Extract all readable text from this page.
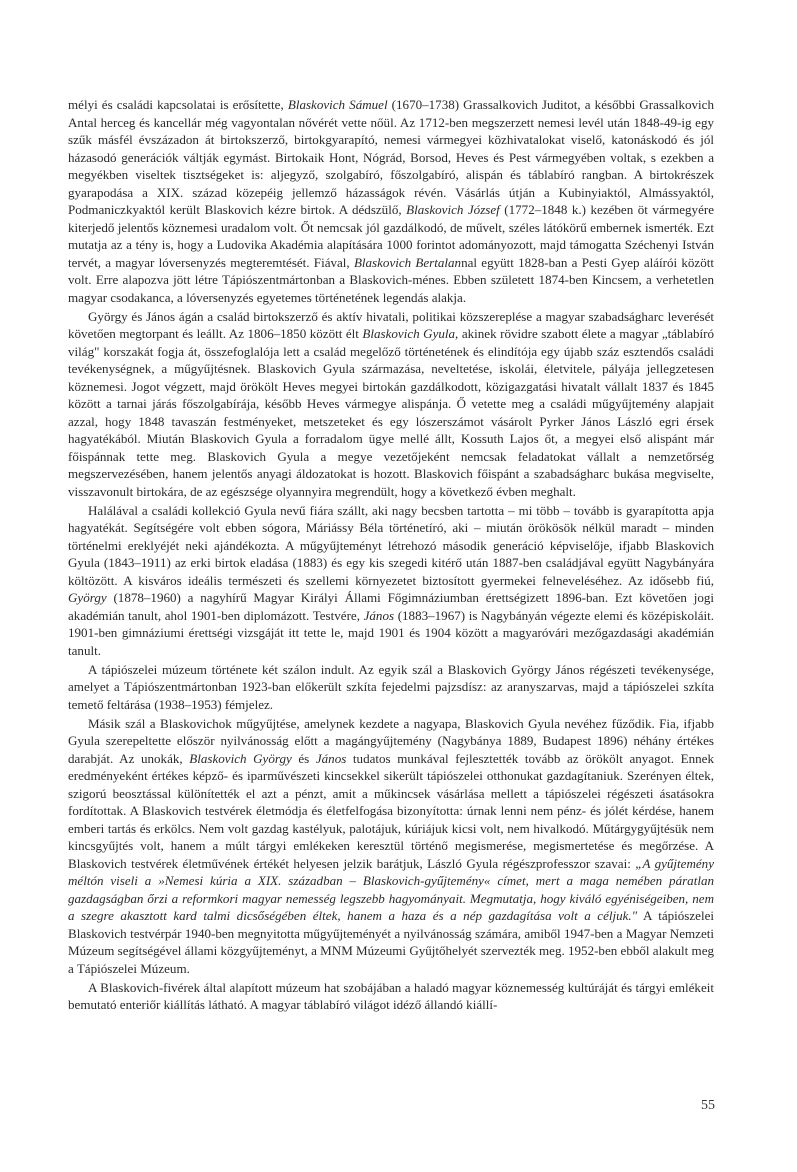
mélyi és családi kapcsolatai is erősítette, Blaskovich Sámuel (1670–1738) Grassalkovich Juditot, a későbbi Grassalkovich Antal herceg és kancellár még vagyontalan nővérét vette nőül. Az 1712-ben megszerzett nemesi levél után 1848-49-ig egy szűk másfél évszázadon át birtokszerző, birtokgyarapító, nemesi vármegyei közhivatalokat viselő, katonáskodó és jól házasodó generációk váltják egymást. Birtokaik Hont, Nógrád, Borsod, Heves és Pest vármegyében voltak, s ezekben a megyékben viseltek tisztségeket is: aljegyző, szolgabíró, főszolgabíró, alispán és táblabíró rangban. A birtokrészek gyarapodása a XIX. század közepéig jellemző házasságok révén. Vásárlás útján a Kubinyiaktól, Almássyaktól, Podmaniczkyaktól került Blaskovich kézre birtok. A dédszülő, Blaskovich József (1772–1848 k.) kezében öt vármegyére kiterjedő jelentős köznemesi uradalom volt. Őt nemcsak jól gazdálkodó, de művelt, széles látókörű embernek ismerték. Ezt mutatja az a tény is, hogy a Ludovika Akadémia alapítására 1000 forintot adományozott, majd támogatta Széchenyi István tervét, a magyar lóversenyzés megteremtését. Fiával, Blaskovich Bertalannal együtt 1828-ban a Pesti Gyep aláírói között volt. Erre alapozva jött létre Tápiószentmártonban a Blaskovich-ménes. Ebben született 1874-ben Kincsem, a verhetetlen magyar csodakanca, a lóversenyzés egyetemes történetének legendás alakja.

György és János ágán a család birtokszerző és aktív hivatali, politikai közszereplése a magyar szabadságharc leverését követően megtorpant és leállt. Az 1806–1850 között élt Blaskovich Gyula, akinek rövidre szabott élete a magyar „táblabíró világ" korszakát fogja át, összefoglalója lett a család megelőző történetének és elindítója egy újabb száz esztendős családi tevékenységnek, a műgyűjtésnek. Blaskovich Gyula származása, neveltetése, iskolái, életvitele, pályája jellegzetesen köznemesi. Jogot végzett, majd örökölt Heves megyei birtokán gazdálkodott, közigazgatási hivatalt vállalt 1837 és 1845 között a tarnai járás főszolgabírája, később Heves vármegye alispánja. Ő vetette meg a családi műgyűjtemény alapjait azzal, hogy 1848 tavaszán festményeket, metszeteket és egy lószerszámot vásárolt Pyrker János László egri érsek hagyatékából. Miután Blaskovich Gyula a forradalom ügye mellé állt, Kossuth Lajos őt, a megyei első alispánt már főispánnak tette meg. Blaskovich Gyula a megye vezetőjeként nemcsak feladatokat vállalt a nemzetőrség megszervezésében, hanem jelentős anyagi áldozatokat is hozott. Blaskovich főispánt a szabadságharc bukása megviselte, visszavonult birtokára, de az egészsége olyannyira megrendült, hogy a következő évben meghalt.

Halálával a családi kollekció Gyula nevű fiára szállt, aki nagy becsben tartotta – mi több – tovább is gyarapította apja hagyatékát. Segítségére volt ebben sógora, Máriássy Béla történetíró, aki – miután örökösök nélkül maradt – minden történelmi ereklyéjét neki ajándékozta. A műgyűjteményt létrehozó második generáció képviselője, ifjabb Blaskovich Gyula (1843–1911) az erki birtok eladása (1883) és egy kis szegedi kitérő után 1887-ben családjával együtt Nagybányára költözött. A kisváros ideális természeti és szellemi környezetet biztosított gyermekei felneveléséhez. Az idősebb fiú, György (1878–1960) a nagyhírű Magyar Királyi Állami Főgimnáziumban érettségizett 1896-ban. Ezt követően jogi akadémián tanult, ahol 1901-ben diplomázott. Testvére, János (1883–1967) is Nagybányán végezte elemi és középiskoláit. 1901-ben gimnáziumi érettségi vizsgáját itt tette le, majd 1901 és 1904 között a magyaróvári mezőgazdasági akadémián tanult.

A tápiószelei múzeum története két szálon indult. Az egyik szál a Blaskovich György János régészeti tevékenysége, amelyet a Tápiószentmártonban 1923-ban előkerült szkíta fejedelmi pajzsdísz: az aranyszarvas, majd a tápiószelei szkíta temető feltárása (1938–1953) fémjelez.

Másik szál a Blaskovichok műgyűjtése, amelynek kezdete a nagyapa, Blaskovich Gyula nevéhez fűződik. Fia, ifjabb Gyula szerepeltette először nyilvánosság előtt a magángyűjtemény (Nagybánya 1889, Budapest 1896) néhány értékes darabját. Az unokák, Blaskovich György és János tudatos munkával fejlesztették tovább az örökölt anyagot. Ennek eredményeként értékes képző- és iparművészeti kincsekkel sikerült tápiószelei otthonukat gazdagítaniuk. Szerényen éltek, szigorú beosztással különítették el azt a pénzt, amit a műkincsek vásárlása mellett a tápiószelei régészeti ásatásokra fordítottak. A Blaskovich testvérek életmódja és életfelfogása bizonyította: úrnak lenni nem pénz- és jólét kérdése, hanem emberi tartás és erkölcs. Nem volt gazdag kastélyuk, palotájuk, kúriájuk kicsi volt, nem hivalkodó. Műtárgygyűjtésük nem kincsgyűjtés volt, hanem a múlt tárgyi emlékeken keresztül történő megismerése, megismertetése és megőrzése. A Blaskovich testvérek életművének értékét helyesen jelzik barátjuk, László Gyula régészprofesszor szavai: „A gyűjtemény méltón viseli a »Nemesi kúria a XIX. században – Blaskovich-gyűjtemény« címet, mert a maga nemében páratlan gazdagságban őrzi a reformkori magyar nemesség legszebb hagyományait. Megmutatja, hogy kiváló egyéniségeiben, nem a szegre akasztott kard talmi dicsőségében éltek, hanem a haza és a nép gazdagítása volt a céljuk." A tápiószelei Blaskovich testvérpár 1940-ben megnyitotta műgyűjteményét a nyilvánosság számára, amiből 1947-ben a Magyar Nemzeti Múzeum segítségével állami közgyűjteményt, a MNM Múzeumi Gyűjtőhelyét szervezték meg. 1952-ben ebből alakult meg a Tápiószelei Múzeum.

A Blaskovich-fivérek által alapított múzeum hat szobájában a haladó magyar köznemesség kultúráját és tárgyi emlékeit bemutató enteriőr kiállítás látható. A magyar táblabíró világot idéző állandó kiállí-

55
